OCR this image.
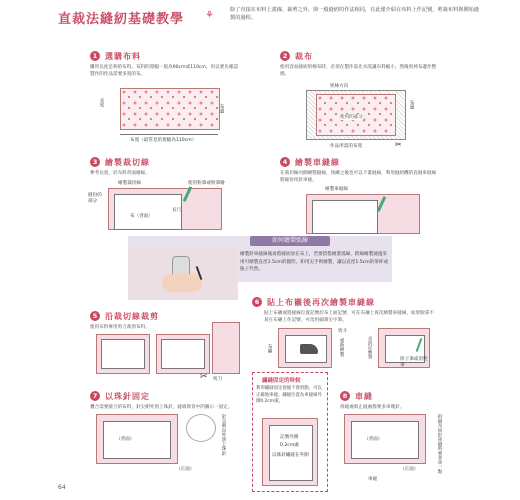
直裁法縫紉基礎教學 ⚘	除了直接在布料上畫線、裁剪之外，與一般縫紉的作法相同，在此僅介紹在布料上作記號，剪裁布料與開始縫製的過程。
1 選購布料
購買長度足夠的布料。布料的寬幅一般為90cm或110cm，用以要先確認製作的作品需要多寬的布。
長度
布邊
布寬（最常見的寬幅為110cm）
2 裁布
使用容易縫紉的棉布時，必須在製作前先水洗讓布料縮小，然後剪掉布邊作整理。
經絲方向
使用的部分
布邊
作品所需的布寬	✂
3 繪製裁切線
參考長寬，於布料背面繪線。
繪製裁切線	使用粉筆或粉筆繪
布（背面）
長尺
縫份的部分
4 繪製車縫線
在裁切線內側繪製縫線，熟練之後也可以不畫縫線，利用縫紉機的直縫車縫線將縫份用針車縫。
繪製車縫線
如何繪製弧線
繪製針車縫線後再將縫紉放在布上，若要搭搭繪畫弧線，跨線繪製通過采用可繪製直徑1.5cm的圓形。和用尖手則繪製，讓以直徑1.5cm的茶杯或瓶子代替。
5 沿裁切線裁剪
使用布料專用剪刀裁剪布料。
✂ 剪刀
6 貼上布襯後再次繪製車縫線
貼上布襯或將縫線位置記號於布上面記號，可在布襯上再次繪製車縫線，如果脫拿不易在布襯上作記號，可改用細筆尖字筆。
布襯
剪斗
重新繪製	水消記號筆
原子筆或消性筆
7 以珠針固定
疊合需要縫合的布料，針尖朝外別上珠針，縫端與背中的圖示一固定。
（背面）	針尖朝向外別上珠針
（正面）
繡縫固定的時候
利用繡縫固定接縫不會滑動，可以正確地車縫。繡縫位置為車縫線外側0.2cm處。
記號外側
0.2cm處
以珠針繡縫在外側
8 車縫
拆縫處與止縫處都要多車幾針。
（背面）
（正面）
車縫
拆縫及回針車縫時要多車一點
64
